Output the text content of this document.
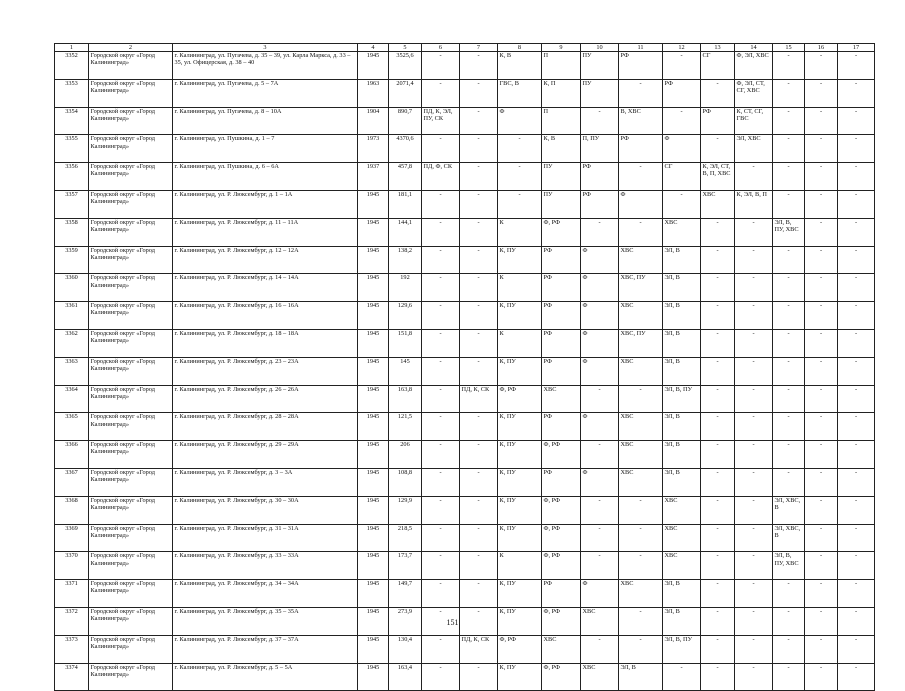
1	2	3	4	5	6	7	8	9	10	11	12	13	14	15	16	17
3352	Городской округ «Город Калининград»	г. Калининград, ул. Пугачева, д. 35 – 39, ул. Карла Маркса, д. 33 – 35, ул. Офицерская, д. 38 – 40	1945	3525,6	-	-	К, В	П	ПУ	РФ	-	СГ	Ф, ЭЛ, ХВС	-	-	-
3353	Городской округ «Город Калининград»	г. Калининград, ул. Пугачева, д. 5 – 7А	1963	2071,4	-	-	ГВС, В	К, П	ПУ	-	РФ	-	Ф, ЭЛ, СТ, СГ, ХВС	-	-	-
3354	Городской округ «Город Калининград»	г. Калининград, ул. Пугачева, д. 8 – 10А	1904	890,7	ПД, К, ЭЛ, ПУ, СК	-	Ф	П	-	В, ХВС	-	РФ	К, СТ, СГ, ГВС	-	-	-
3355	Городской округ «Город Калининград»	г. Калининград, ул. Пушкина, д. 1 – 7	1973	4370,6	-	-	-	К, В	П, ПУ	РФ	Ф	-	ЭЛ, ХВС	-	-	-
3356	Городской округ «Город Калининград»	г. Калининград, ул. Пушкина, д. 6 – 6А	1937	457,8	ПД, Ф, СК	-	-	ПУ	РФ	-	СГ	К, ЭЛ, СТ, В, П, ХВС	-	-	-	-
3357	Городской округ «Город Калининград»	г. Калининград, ул. Р. Люксембург, д. 1 – 1А	1945	181,1	-	-	-	ПУ	РФ	Ф	-	ХВС	К, ЭЛ, В, П	-	-	-
3358	Городской округ «Город Калининград»	г. Калининград, ул. Р. Люксембург, д. 11 – 11А	1945	144,1	-	-	К	Ф, РФ	-	-	ХВС	-	-	ЭЛ, В, ПУ, ХВС	-	-
3359	Городской округ «Город Калининград»	г. Калининград, ул. Р. Люксембург, д. 12 – 12А	1945	138,2	-	-	К, ПУ	РФ	Ф	ХВС	ЭЛ, В	-	-	-	-	-
3360	Городской округ «Город Калининград»	г. Калининград, ул. Р. Люксембург, д. 14 – 14А	1945	192	-	-	К	РФ	Ф	ХВС, ПУ	ЭЛ, В	-	-	-	-	-
3361	Городской округ «Город Калининград»	г. Калининград, ул. Р. Люксембург, д. 16 – 16А	1945	129,6	-	-	К, ПУ	РФ	Ф	ХВС	ЭЛ, В	-	-	-	-	-
3362	Городской округ «Город Калининград»	г. Калининград, ул. Р. Люксембург, д. 18 – 18А	1945	151,8	-	-	К	РФ	Ф	ХВС, ПУ	ЭЛ, В	-	-	-	-	-
3363	Городской округ «Город Калининград»	г. Калининград, ул. Р. Люксембург, д. 23 – 23А	1945	145	-	-	К, ПУ	РФ	Ф	ХВС	ЭЛ, В	-	-	-	-	-
3364	Городской округ «Город Калининград»	г. Калининград, ул. Р. Люксембург, д. 26 – 26А	1945	163,8	-	ПД, К, СК	Ф, РФ	ХВС	-	-	ЭЛ, В, ПУ	-	-	-	-	-
3365	Городской округ «Город Калининград»	г. Калининград, ул. Р. Люксембург, д. 28 – 28А	1945	121,5	-	-	К, ПУ	РФ	Ф	ХВС	ЭЛ, В	-	-	-	-	-
3366	Городской округ «Город Калининград»	г. Калининград, ул. Р. Люксембург, д. 29 – 29А	1945	206	-	-	К, ПУ	Ф, РФ	-	ХВС	ЭЛ, В	-	-	-	-	-
3367	Городской округ «Город Калининград»	г. Калининград, ул. Р. Люксембург, д. 3 – 3А	1945	108,8	-	-	К, ПУ	РФ	Ф	ХВС	ЭЛ, В	-	-	-	-	-
3368	Городской округ «Город Калининград»	г. Калининград, ул. Р. Люксембург, д. 30 – 30А	1945	129,9	-	-	К, ПУ	Ф, РФ	-	-	ХВС	-	-	ЭЛ, ХВС, В	-	-
3369	Городской округ «Город Калининград»	г. Калининград, ул. Р. Люксембург, д. 31 – 31А	1945	218,5	-	-	К, ПУ	Ф, РФ	-	-	ХВС	-	-	ЭЛ, ХВС, В	-	-
3370	Городской округ «Город Калининград»	г. Калининград, ул. Р. Люксембург, д. 33 – 33А	1945	173,7	-	-	К	Ф, РФ	-	-	ХВС	-	-	ЭЛ, В, ПУ, ХВС	-	-
3371	Городской округ «Город Калининград»	г. Калининград, ул. Р. Люксембург, д. 34 – 34А	1945	149,7	-	-	К, ПУ	РФ	Ф	ХВС	ЭЛ, В	-	-	-	-	-
3372	Городской округ «Город Калининград»	г. Калининград, ул. Р. Люксембург, д. 35 – 35А	1945	273,9	-	-	К, ПУ	Ф, РФ	ХВС	-	ЭЛ, В	-	-	-	-	-
3373	Городской округ «Город Калининград»	г. Калининград, ул. Р. Люксембург, д. 37 – 37А	1945	130,4	-	ПД, К, СК	Ф, РФ	ХВС	-	-	ЭЛ, В, ПУ	-	-	-	-	-
3374	Городской округ «Город Калининград»	г. Калининград, ул. Р. Люксембург, д. 5 – 5А	1945	163,4	-	-	К, ПУ	Ф, РФ	ХВС	ЭЛ, В	-	-	-	-	-	-
151
